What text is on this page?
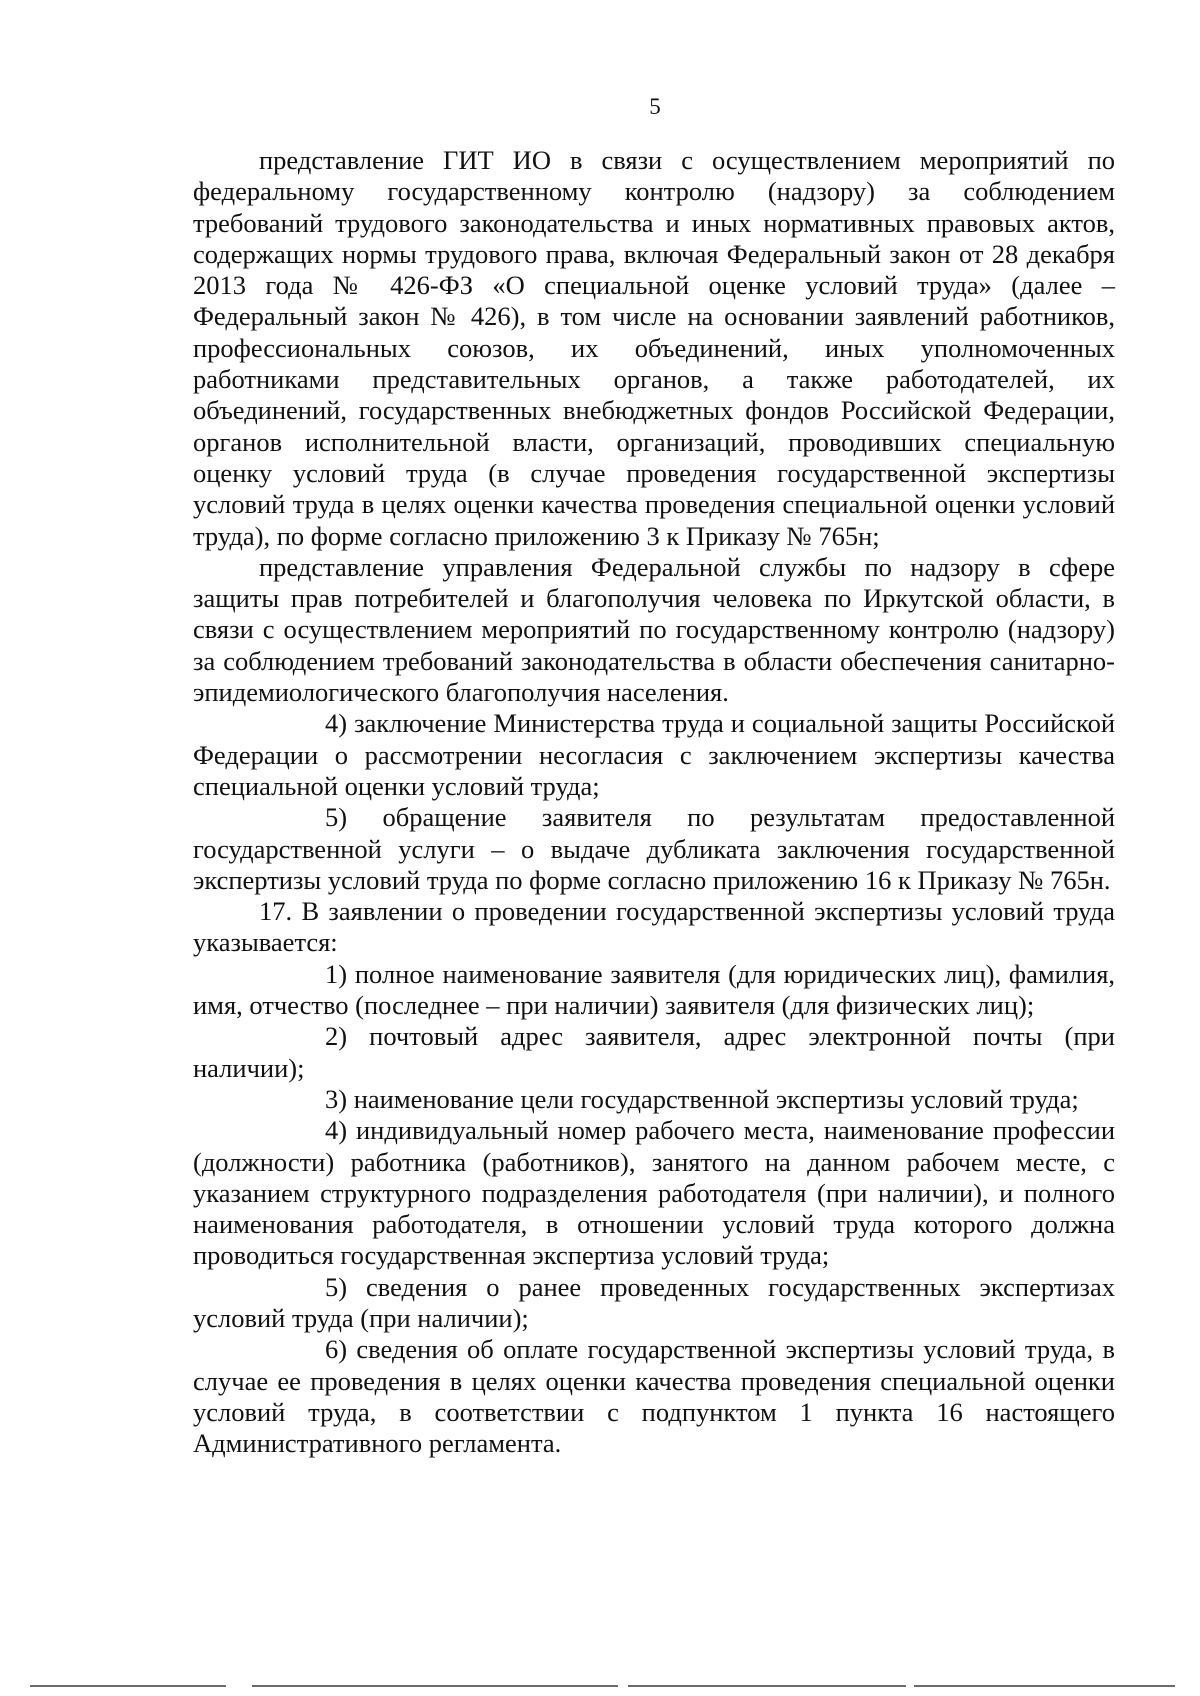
5

представление ГИТ ИО в связи с осуществлением мероприятий по федеральному государственному контролю (надзору) за соблюдением требований трудового законодательства и иных нормативных правовых актов, содержащих нормы трудового права, включая Федеральный закон от 28 декабря 2013 года № 426-ФЗ «О специальной оценке условий труда» (далее – Федеральный закон № 426), в том числе на основании заявлений работников, профессиональных союзов, их объединений, иных уполномоченных работниками представительных органов, а также работодателей, их объединений, государственных внебюджетных фондов Российской Федерации, органов исполнительной власти, организаций, проводивших специальную оценку условий труда (в случае проведения государственной экспертизы условий труда в целях оценки качества проведения специальной оценки условий труда), по форме согласно приложению 3 к Приказу № 765н;

представление управления Федеральной службы по надзору в сфере защиты прав потребителей и благополучия человека по Иркутской области, в связи с осуществлением мероприятий по государственному контролю (надзору) за соблюдением требований законодательства в области обеспечения санитарно-эпидемиологического благополучия населения.

4) заключение Министерства труда и социальной защиты Российской Федерации о рассмотрении несогласия с заключением экспертизы качества специальной оценки условий труда;

5) обращение заявителя по результатам предоставленной государственной услуги – о выдаче дубликата заключения государственной экспертизы условий труда по форме согласно приложению 16 к Приказу № 765н.

17. В заявлении о проведении государственной экспертизы условий труда указывается:

1) полное наименование заявителя (для юридических лиц), фамилия, имя, отчество (последнее – при наличии) заявителя (для физических лиц);

2) почтовый адрес заявителя, адрес электронной почты (при наличии);

3) наименование цели государственной экспертизы условий труда;

4) индивидуальный номер рабочего места, наименование профессии (должности) работника (работников), занятого на данном рабочем месте, с указанием структурного подразделения работодателя (при наличии), и полного наименования работодателя, в отношении условий труда которого должна проводиться государственная экспертиза условий труда;

5) сведения о ранее проведенных государственных экспертизах условий труда (при наличии);

6) сведения об оплате государственной экспертизы условий труда, в случае ее проведения в целях оценки качества проведения специальной оценки условий труда, в соответствии с подпунктом 1 пункта 16 настоящего Административного регламента.
